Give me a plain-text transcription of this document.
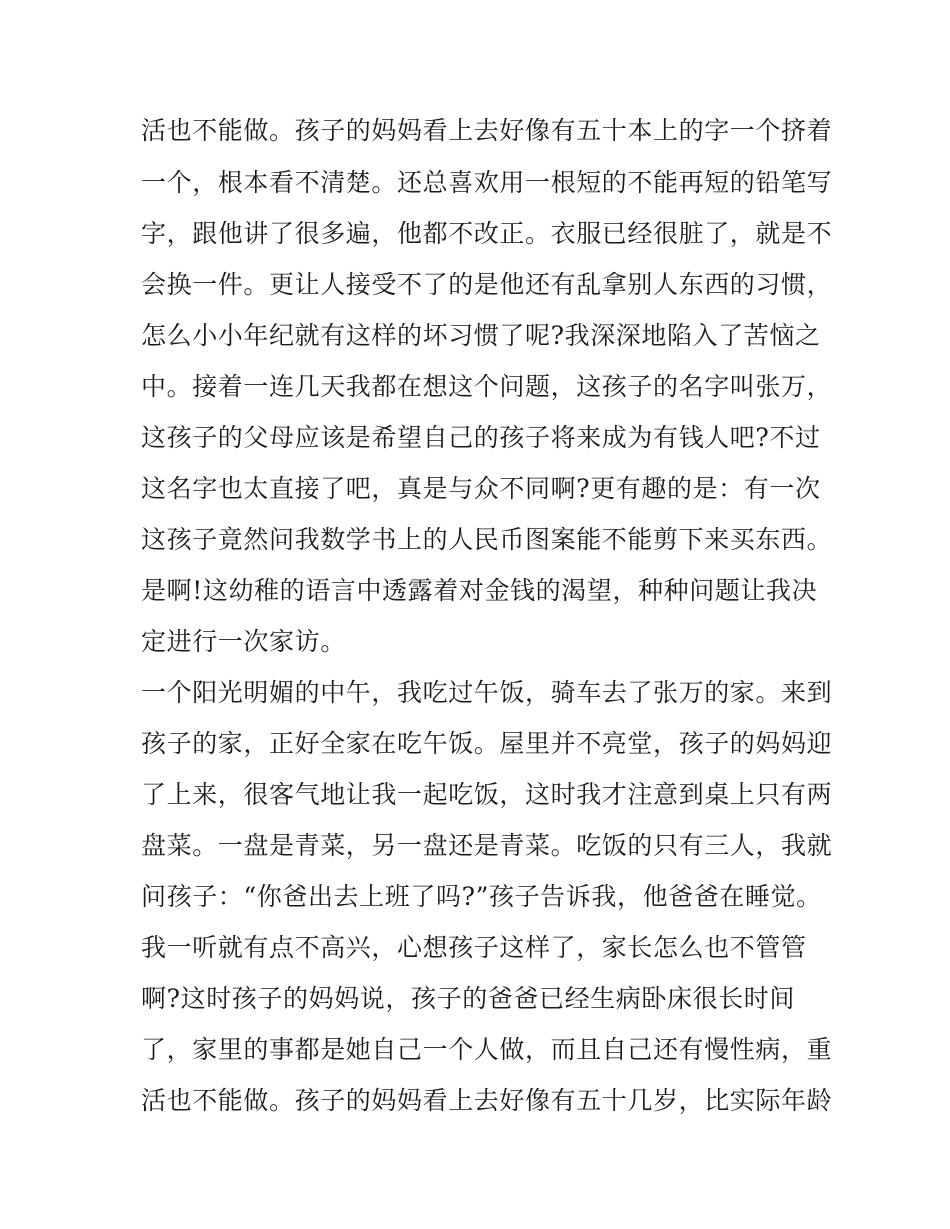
活也不能做。孩子的妈妈看上去好像有五十本上的字一个挤着
一个，根本看不清楚。还总喜欢用一根短的不能再短的铅笔写
字，跟他讲了很多遍，他都不改正。衣服已经很脏了，就是不
会换一件。更让人接受不了的是他还有乱拿别人东西的习惯，
怎么小小年纪就有这样的坏习惯了呢?我深深地陷入了苦恼之
中。接着一连几天我都在想这个问题，这孩子的名字叫张万，
这孩子的父母应该是希望自己的孩子将来成为有钱人吧?不过
这名字也太直接了吧，真是与众不同啊?更有趣的是：有一次
这孩子竟然问我数学书上的人民币图案能不能剪下来买东西。
是啊!这幼稚的语言中透露着对金钱的渴望，种种问题让我决
定进行一次家访。
一个阳光明媚的中午，我吃过午饭，骑车去了张万的家。来到
孩子的家，正好全家在吃午饭。屋里并不亮堂，孩子的妈妈迎
了上来，很客气地让我一起吃饭，这时我才注意到桌上只有两
盘菜。一盘是青菜，另一盘还是青菜。吃饭的只有三人，我就
问孩子：“你爸出去上班了吗?”孩子告诉我，他爸爸在睡觉。
我一听就有点不高兴，心想孩子这样了，家长怎么也不管管
啊?这时孩子的妈妈说，孩子的爸爸已经生病卧床很长时间
了，家里的事都是她自己一个人做，而且自己还有慢性病，重
活也不能做。孩子的妈妈看上去好像有五十几岁，比实际年龄
